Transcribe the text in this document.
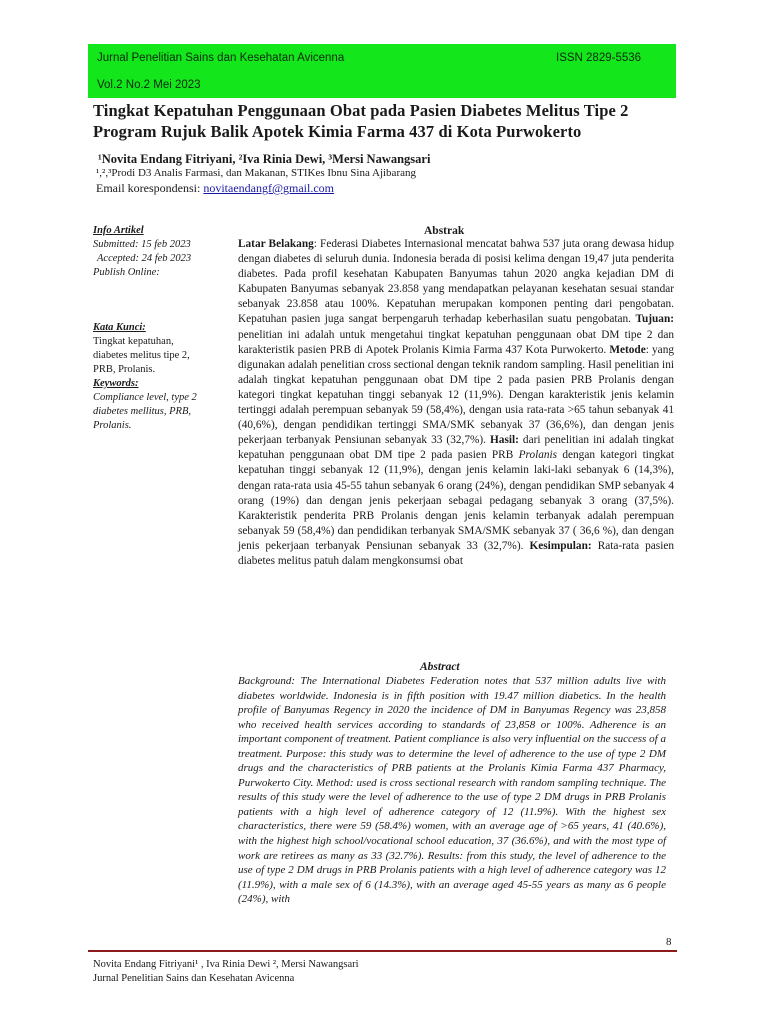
Jurnal Penelitian Sains dan Kesehatan Avicenna	ISSN 2829-5536
Vol.2 No.2 Mei 2023
Tingkat Kepatuhan Penggunaan Obat pada Pasien Diabetes Melitus Tipe 2 Program Rujuk Balik Apotek Kimia Farma 437 di Kota Purwokerto
¹Novita Endang Fitriyani, ²Iva Rinia Dewi, ³Mersi Nawangsari
¹,²,³Prodi D3 Analis Farmasi, dan Makanan, STIKes Ibnu Sina Ajibarang
Email korespondensi: novitaendangf@gmail.com
Info Artikel
Submitted: 15 feb 2023
Accepted: 24 feb 2023
Publish Online:
Kata Kunci:
Tingkat kepatuhan, diabetes melitus tipe 2, PRB, Prolanis.
Keywords:
Compliance level, type 2 diabetes mellitus, PRB, Prolanis.
Abstrak

Latar Belakang: Federasi Diabetes Internasional mencatat bahwa 537 juta orang dewasa hidup dengan diabetes di seluruh dunia. Indonesia berada di posisi kelima dengan 19,47 juta penderita diabetes. Pada profil kesehatan Kabupaten Banyumas tahun 2020 angka kejadian DM di Kabupaten Banyumas sebanyak 23.858 yang mendapatkan pelayanan kesehatan sesuai standar sebanyak 23.858 atau 100%. Kepatuhan merupakan komponen penting dari pengobatan. Kepatuhan pasien juga sangat berpengaruh terhadap keberhasilan suatu pengobatan. Tujuan: penelitian ini adalah untuk mengetahui tingkat kepatuhan penggunaan obat DM tipe 2 dan karakteristik pasien PRB di Apotek Prolanis Kimia Farma 437 Kota Purwokerto. Metode: yang digunakan adalah penelitian cross sectional dengan teknik random sampling. Hasil penelitian ini adalah tingkat kepatuhan penggunaan obat DM tipe 2 pada pasien PRB Prolanis dengan kategori tingkat kepatuhan tinggi sebanyak 12 (11,9%). Dengan karakteristik jenis kelamin tertinggi adalah perempuan sebanyak 59 (58,4%), dengan usia rata-rata >65 tahun sebanyak 41 (40,6%), dengan pendidikan tertinggi SMA/SMK sebanyak 37 (36,6%), dan dengan jenis pekerjaan terbanyak Pensiunan sebanyak 33 (32,7%). Hasil: dari penelitian ini adalah tingkat kepatuhan penggunaan obat DM tipe 2 pada pasien PRB Prolanis dengan kategori tingkat kepatuhan tinggi sebanyak 12 (11,9%), dengan jenis kelamin laki-laki sebanyak 6 (14,3%), dengan rata-rata usia 45-55 tahun sebanyak 6 orang (24%), dengan pendidikan SMP sebanyak 4 orang (19%) dan dengan jenis pekerjaan sebagai pedagang sebanyak 3 orang (37,5%). Karakteristik penderita PRB Prolanis dengan jenis kelamin terbanyak adalah perempuan sebanyak 59 (58,4%) dan pendidikan terbanyak SMA/SMK sebanyak 37 ( 36,6 %), dan dengan jenis pekerjaan terbanyak Pensiunan sebanyak 33 (32,7%). Kesimpulan: Rata-rata pasien diabetes melitus patuh dalam mengkonsumsi obat

Abstract
Background: The International Diabetes Federation notes that 537 million adults live with diabetes worldwide. Indonesia is in fifth position with 19.47 million diabetics. In the health profile of Banyumas Regency in 2020 the incidence of DM in Banyumas Regency was 23,858 who received health services according to standards of 23,858 or 100%. Adherence is an important component of treatment. Patient compliance is also very influential on the success of a treatment. Purpose: this study was to determine the level of adherence to the use of type 2 DM drugs and the characteristics of PRB patients at the Prolanis Kimia Farma 437 Pharmacy, Purwokerto City. Method: used is cross sectional research with random sampling technique. The results of this study were the level of adherence to the use of type 2 DM drugs in PRB Prolanis patients with a high level of adherence category of 12 (11.9%). With the highest sex characteristics, there were 59 (58.4%) women, with an average age of >65 years, 41 (40.6%), with the highest high school/vocational school education, 37 (36.6%), and with the most type of work are retirees as many as 33 (32.7%). Results: from this study, the level of adherence to the use of type 2 DM drugs in PRB Prolanis patients with a high level of adherence category was 12 (11.9%), with a male sex of 6 (14.3%), with an average aged 45-55 years as many as 6 people (24%), with
8
Novita Endang Fitriyani¹ , Iva Rinia Dewi ², Mersi Nawangsari
Jurnal Penelitian Sains dan Kesehatan Avicenna
